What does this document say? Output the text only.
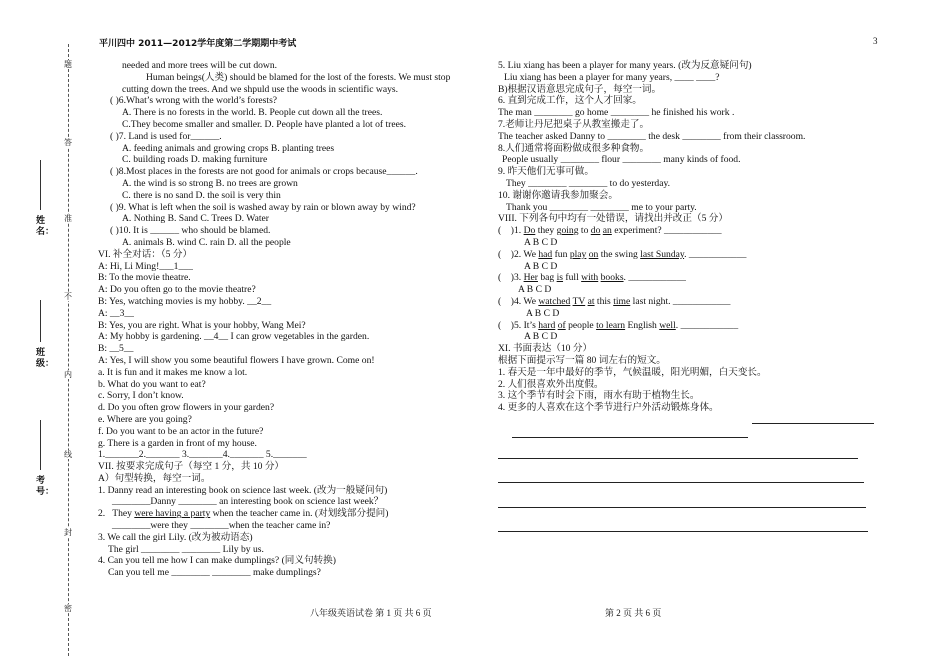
平川四中 2011—2012学年度第二学期期中考试	3
题
答
准
不
内
线
封
密
姓名：
班级：
考号：
needed and more trees will be cut down.
Human beings(人类) should be blamed for the lost of the forests. We must stop
cutting down the trees. And we shpuld use the woods in scientific ways.
( )6.What’s wrong with the world’s forests?
A. There is no forests in the world. B. People cut down all the trees.
C.They become smaller and smaller. D. People have planted a lot of trees.
( )7. Land is used for______.
A. feeding animals and growing crops B. planting trees
C. building roads D. making furniture
( )8.Most places in the forests are not good for animals or crops because______.
A. the wind is so strong B. no trees are grown
C. there is no sand D. the soil is very thin
( )9. What is left when the soil is washed away by rain or blown away by wind?
A. Nothing B. Sand C. Trees D. Water
( )10. It is ______ who should be blamed.
A. animals B. wind C. rain D. all the people
VI. 补全对话：（5 分）
A: Hi, Li Ming!___1___
B: To the movie theatre.
A: Do you often go to the movie theatre?
B: Yes, watching movies is my hobby. __2__
A: __3__
B: Yes, you are right. What is your hobby, Wang Mei?
A: My hobby is gardening. __4__ I can grow vegetables in the garden.
B: __5__
A: Yes, I will show you some beautiful flowers I have grown. Come on!
a. It is fun and it makes me know a lot.
b. What do you want to eat?
c. Sorry, I don’t know.
d. Do you often grow flowers in your garden?
e. Where are you going?
f. Do you want to be an actor in the future?
g. There is a garden in front of my house.
1._______2._______ 3._______4._______ 5._______
VII. 按要求完成句子（每空 1 分，共 10 分）
A）句型转换，每空一词。
1. Danny read an interesting book on science last week. (改为一般疑问句)
________Danny ________ an interesting book on science last week？
2.   They were having a party when the teacher came in. (对划线部分提问)
________were they ________when the teacher came in?
3. We call the girl Lily. (改为被动语态)
The girl ________ ________ Lily by us.
4. Can you tell me how I can make dumplings? (同义句转换)
Can you tell me ________ ________ make dumplings?
八年级英语试卷 第 1 页 共 6 页
5. Liu xiang has been a player for many years. (改为反意疑问句)
Liu xiang has been a player for many years, ____ ____?
B)根据汉语意思完成句子，每空一词。
6. 直到完成工作，这个人才回家。
The man ________ go home ________ he finished his work .
7.老师让丹尼把桌子从教室搬走了。
The teacher asked Danny to ________ the desk ________ from their classroom.
8.人们通常将面粉做成很多种食物。
People usually ________ flour ________ many kinds of food.
9. 昨天他们无事可做。
They ________ ________ to do yesterday.
10. 谢谢你邀请我参加聚会。
Thank you ________ ________ me to your party.
VIII. 下列各句中均有一处错误，请找出并改正（5 分）
(    )1. Do they going to do an experiment? ____________
A B C D
(    )2. We had fun play on the swing last Sunday. ____________
A B C D
(    )3. Her bag is full with books. ____________
A B C D
(    )4. We watched TV at this time last night. ____________
A B C D
(    )5. It’s hard of people to learn English well. ____________
A B C D
XI. 书面表达（10 分）
根据下面提示写一篇 80 词左右的短文。
1. 春天是一年中最好的季节，气候温暖，阳光明媚，白天变长。
2. 人们很喜欢外出度假。
3. 这个季节有时会下雨，雨水有助于植物生长。
4. 更多的人喜欢在这个季节进行户外活动锻炼身体。
第 2 页 共 6 页
